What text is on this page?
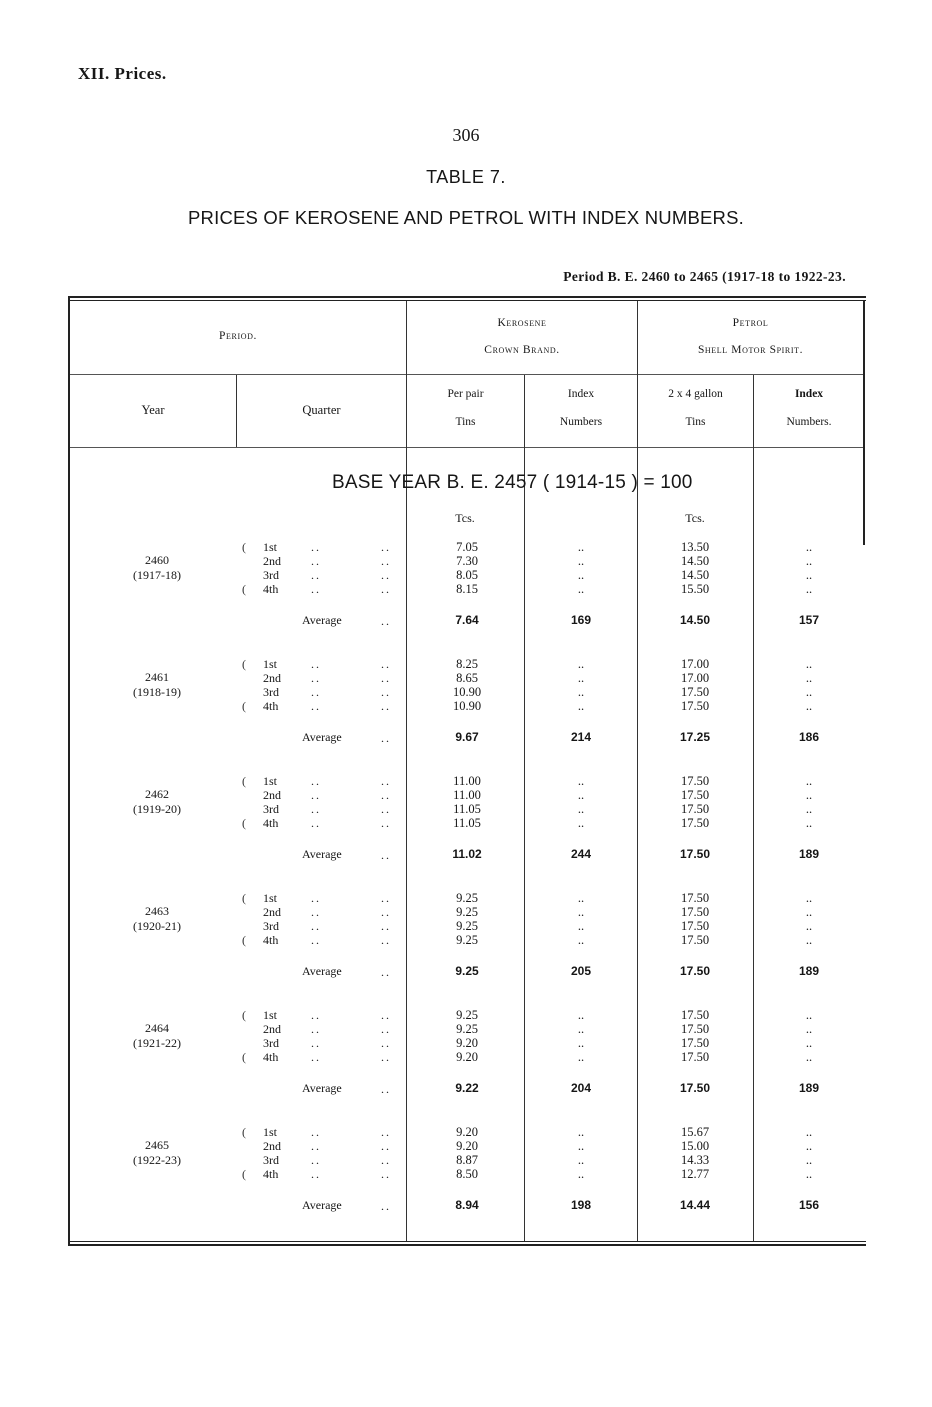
XII. Prices.
306
TABLE 7.
PRICES OF KEROSENE AND PETROL WITH INDEX NUMBERS.
Period B. E. 2460 to 2465 (1917-18 to 1922-23.
Period.
Kerosene
Crown Brand.
Petrol
Shell Motor Spirit.
Year	Quarter
Per pair
Tins
Index
Numbers
2 x 4 gallon
Tins
Index
Numbers.
BASE YEAR B. E. 2457 ( 1914-15 ) = 100
Tcs.	Tcs.
2460
(1917-18)
( 1st	..	..	7.05	..	13.50	..
2nd	..	..	7.30	..	14.50	..
3rd	..	..	8.05	..	14.50	..
( 4th	..	..	8.15	..	15.50	..
Average	..	7.64	169	14.50	157
2461
(1918-19)
( 1st	..	..	8.25	..	17.00	..
2nd	..	..	8.65	..	17.00	..
3rd	..	..	10.90	..	17.50	..
( 4th	..	..	10.90	..	17.50	..
Average	..	9.67	214	17.25	186
2462
(1919-20)
( 1st	..	..	11.00	..	17.50	..
2nd	..	..	11.00	..	17.50	..
3rd	..	..	11.05	..	17.50	..
( 4th	..	..	11.05	..	17.50	..
Average	..	11.02	244	17.50	189
2463
(1920-21)
( 1st	..	..	9.25	..	17.50	..
2nd	..	..	9.25	..	17.50	..
3rd	..	..	9.25	..	17.50	..
( 4th	..	..	9.25	..	17.50	..
Average	..	9.25	205	17.50	189
2464
(1921-22)
( 1st	..	..	9.25	..	17.50	..
2nd	..	..	9.25	..	17.50	..
3rd	..	..	9.20	..	17.50	..
( 4th	..	..	9.20	..	17.50	..
Average	..	9.22	204	17.50	189
2465
(1922-23)
( 1st	..	..	9.20	..	15.67	..
2nd	..	..	9.20	..	15.00	..
3rd	..	..	8.87	..	14.33	..
( 4th	..	..	8.50	..	12.77	..
Average	..	8.94	198	14.44	156
